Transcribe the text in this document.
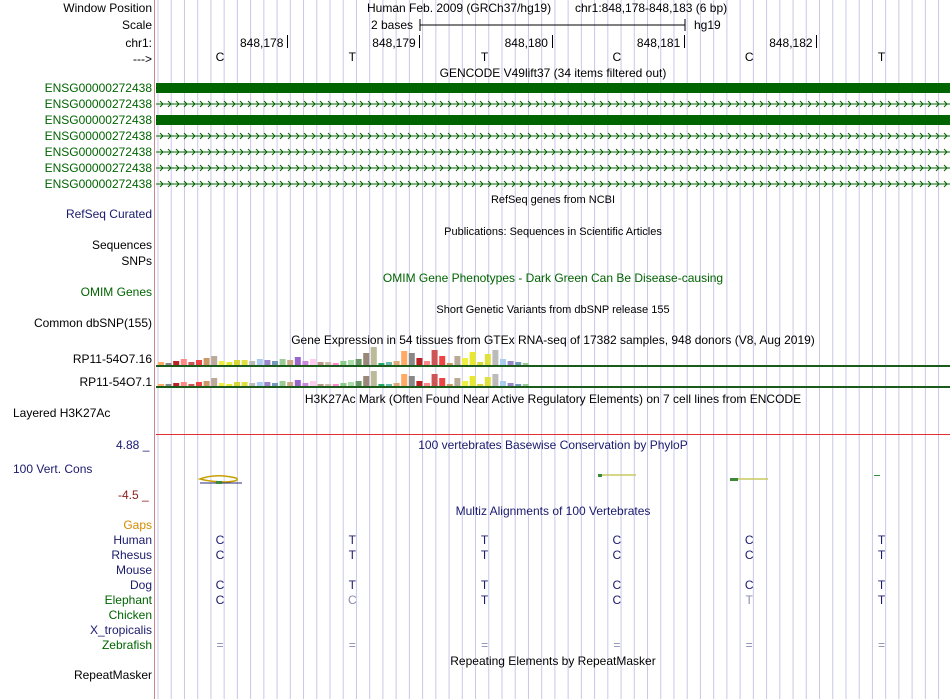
Window Position
Scale
chr1:
--->
Human Feb. 2009 (GRCh37/hg19) chr1:848,178-848,183 (6 bp)
2 bases	hg19
848,178	848,179	848,180	848,181	848,182
C	T	T	C	C	T
GENCODE V49lift37 (34 items filtered out)
ENSG00000272438
ENSG00000272438
ENSG00000272438
ENSG00000272438
ENSG00000272438
ENSG00000272438
ENSG00000272438
RefSeq genes from NCBI
RefSeq Curated
Sequences
Publications: Sequences in Scientific Articles
SNPs
OMIM Gene Phenotypes - Dark Green Can Be Disease-causing
OMIM Genes
Short Genetic Variants from dbSNP release 155
Common dbSNP(155)
Gene Expression in 54 tissues from GTEx RNA-seq of 17382 samples, 948 donors (V8, Aug 2019)
RP11-54O7.16
RP11-54O7.1
H3K27Ac Mark (Often Found Near Active Regulatory Elements) on 7 cell lines from ENCODE
Layered H3K27Ac
100 vertebrates Basewise Conservation by PhyloP
4.88 _
100 Vert. Cons
-4.5 _
Multiz Alignments of 100 Vertebrates
Gaps
Human	C	T	T	C	C	T
Rhesus	C	T	T	C	C	T
Mouse
Dog	C	T	T	C	C	T
Elephant	C	C	T	C	T	T
Chicken
X_tropicalis
Zebrafish	=	=	=	=	=	=
Repeating Elements by RepeatMasker
RepeatMasker
